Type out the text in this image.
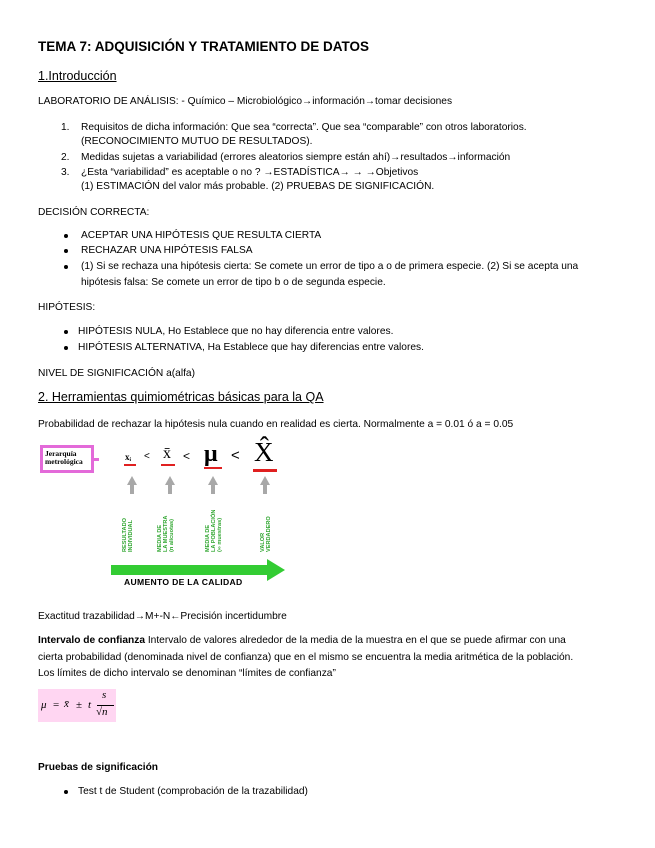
TEMA 7: ADQUISICIÓN Y TRATAMIENTO DE DATOS
1.Introducción
LABORATORIO DE ANÁLISIS: - Químico – Microbiológico→información→tomar decisiones
1. Requisitos de dicha información: Que sea “correcta”. Que sea “comparable” con otros laboratorios.
(RECONOCIMIENTO MUTUO DE RESULTADOS).
2. Medidas sujetas a variabilidad (errores aleatorios siempre están ahí)→resultados→información
3. ¿Esta “variabilidad” es aceptable o no ? →ESTADÍSTICA→ → →Objetivos
(1) ESTIMACIÓN del valor más probable. (2) PRUEBAS DE SIGNIFICACIÓN.
DECISIÓN CORRECTA:
ACEPTAR UNA HIPÓTESIS QUE RESULTA CIERTA
RECHAZAR UNA HIPÓTESIS FALSA
(1) Si se rechaza una hipótesis cierta: Se comete un error de tipo a o de primera especie. (2) Si se acepta una
hipótesis falsa: Se comete un error de tipo b o de segunda especie.
HIPÓTESIS:
HIPÓTESIS NULA, Ho Establece que no hay diferencia entre valores.
HIPÓTESIS ALTERNATIVA, Ha Establece que hay diferencias entre valores.
NIVEL DE SIGNIFICACIÓN a(alfa)
2. Herramientas quimiométricas básicas para la QA
Probabilidad de rechazar la hipótesis nula cuando en realidad es cierta. Normalmente a = 0.01 ó a = 0.05
Jerarquía
metrológica	xᵢ < x̄ < μ < X̂
RESULTADO INDIVIDUAL	MEDIA DE LA MUESTRA (n alícuotas)	MEDIA DE LA POBLACIÓN (∞ muestras)	VALOR VERDADERO
AUMENTO DE LA CALIDAD
Exactitud trazabilidad→M+-N←Precisión incertidumbre
Intervalo de confianza Intervalo de valores alrededor de la media de la muestra en el que se puede afirmar con una
cierta probabilidad (denominada nivel de confianza) que en el mismo se encuentra la media aritmética de la población.
Los límites de dicho intervalo se denominan “límites de confianza”
μ = x̄ ± t
s
√n
Pruebas de significación
Test t de Student (comprobación de la trazabilidad)
